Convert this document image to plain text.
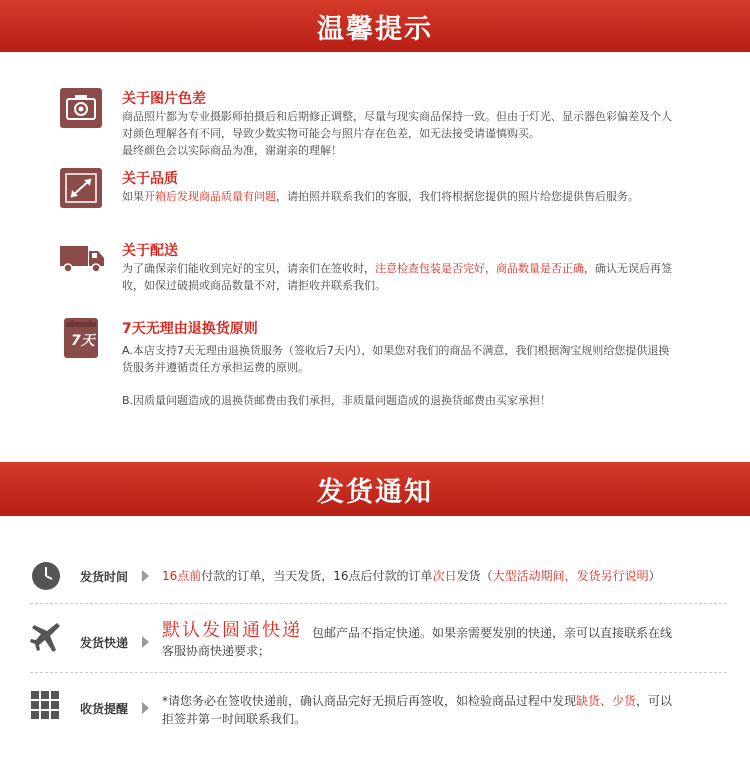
温馨提示
关于图片色差

商品照片都为专业摄影师拍摄后和后期修正调整，尽量与现实商品保持一致。但由于灯光、显示器色彩偏差及个人

对颜色理解各有不同，导致少数实物可能会与照片存在色差，如无法接受请谨慎购买。

最终颜色会以实际商品为准，谢谢亲的理解！

关于品质

如果开箱后发现商品质量有问题，请拍照并联系我们的客服，我们将根据您提供的照片给您提供售后服务。

关于配送

为了确保亲们能收到完好的宝贝，请亲们在签收时，注意检查包装是否完好，商品数量是否正确，确认无误后再签

收，如保过破损或商品数量不对，请拒收并联系我们。

7天
7天无理由退换货原则

A.本店支持7天无理由退换货服务（签收后7天内），如果您对我们的商品不满意，我们根据淘宝规则给您提供退换

货服务并遵循责任方承担运费的原则。

B.因质量问题造成的退换货邮费由我们承担，非质量问题造成的退换货邮费由买家承担！

发货通知
发货时间	16点前付款的订单，当天发货，16点后付款的订单次日发货（大型活动期间，发货另行说明）
发货快递
默认发圆通快递 包邮产品不指定快递。如果亲需要发别的快递，亲可以直接联系在线
客服协商快递要求；
收货提醒
*请您务必在签收快递前，确认商品完好无损后再签收，如检验商品过程中发现缺货、少货，可以
拒签并第一时间联系我们。
